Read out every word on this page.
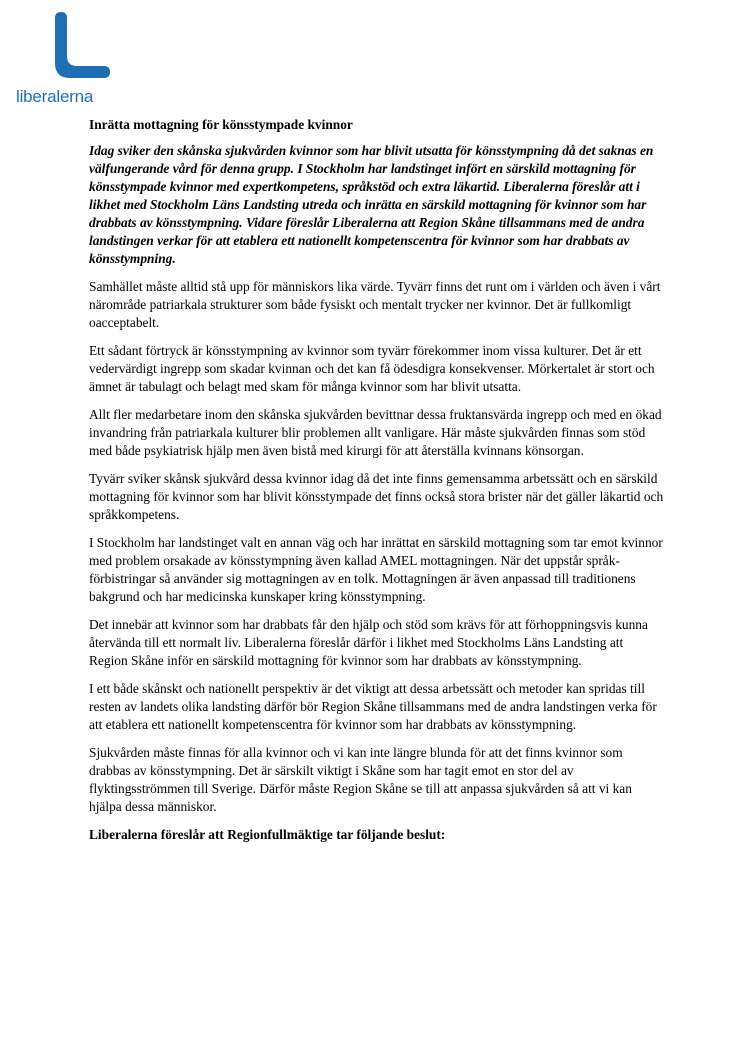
liberalerna

Inrätta mottagning för könsstympade kvinnor

Idag sviker den skånska sjukvården kvinnor som har blivit utsatta för könsstympning då det saknas en välfungerande vård för denna grupp. I Stockholm har landstinget infört en särskild mottagning för könsstympade kvinnor med expertkompetens, språkstöd och extra läkartid. Liberalerna föreslår att i likhet med Stockholm Läns Landsting utreda och inrätta en särskild mottagning för kvinnor som har drabbats av könsstympning. Vidare föreslår Liberalerna att Region Skåne tillsammans med de andra landstingen verkar för att etablera ett nationellt kompetenscentra för kvinnor som har drabbats av könsstympning.

Samhället måste alltid stå upp för människors lika värde. Tyvärr finns det runt om i världen och även i vårt närområde patriarkala strukturer som både fysiskt och mentalt trycker ner kvinnor. Det är fullkomligt oacceptabelt.

Ett sådant förtryck är könsstympning av kvinnor som tyvärr förekommer inom vissa kulturer. Det är ett vedervärdigt ingrepp som skadar kvinnan och det kan få ödesdigra konsekvenser. Mörkertalet är stort och ämnet är tabulagt och belagt med skam för många kvinnor som har blivit utsatta.

Allt fler medarbetare inom den skånska sjukvården bevittnar dessa fruktansvärda ingrepp och med en ökad invandring från patriarkala kulturer blir problemen allt vanligare. Här måste sjukvården finnas som stöd med både psykiatrisk hjälp men även bistå med kirurgi för att återställa kvinnans könsorgan.

Tyvärr sviker skånsk sjukvård dessa kvinnor idag då det inte finns gemensamma arbetssätt och en särskild mottagning för kvinnor som har blivit könsstympade det finns också stora brister när det gäller läkartid och språkkompetens.

I Stockholm har landstinget valt en annan väg och har inrättat en särskild mottagning som tar emot kvinnor med problem orsakade av könsstympning även kallad AMEL mottagningen. När det uppstår språk- förbistringar så använder sig mottagningen av en tolk. Mottagningen är även anpassad till traditionens bakgrund och har medicinska kunskaper kring könsstympning.

Det innebär att kvinnor som har drabbats får den hjälp och stöd som krävs för att förhoppningsvis kunna återvända till ett normalt liv. Liberalerna föreslår därför i likhet med Stockholms Läns Landsting att Region Skåne inför en särskild mottagning för kvinnor som har drabbats av könsstympning.

I ett både skånskt och nationellt perspektiv är det viktigt att dessa arbetssätt och metoder kan spridas till resten av landets olika landsting därför bör Region Skåne tillsammans med de andra landstingen verka för att etablera ett nationellt kompetenscentra för kvinnor som har drabbats av könsstympning.

Sjukvården måste finnas för alla kvinnor och vi kan inte längre blunda för att det finns kvinnor som drabbas av könsstympning. Det är särskilt viktigt i Skåne som har tagit emot en stor del av flyktingsströmmen till Sverige. Därför måste Region Skåne se till att anpassa sjukvården så att vi kan hjälpa dessa människor.

Liberalerna föreslår att Regionfullmäktige tar följande beslut:
